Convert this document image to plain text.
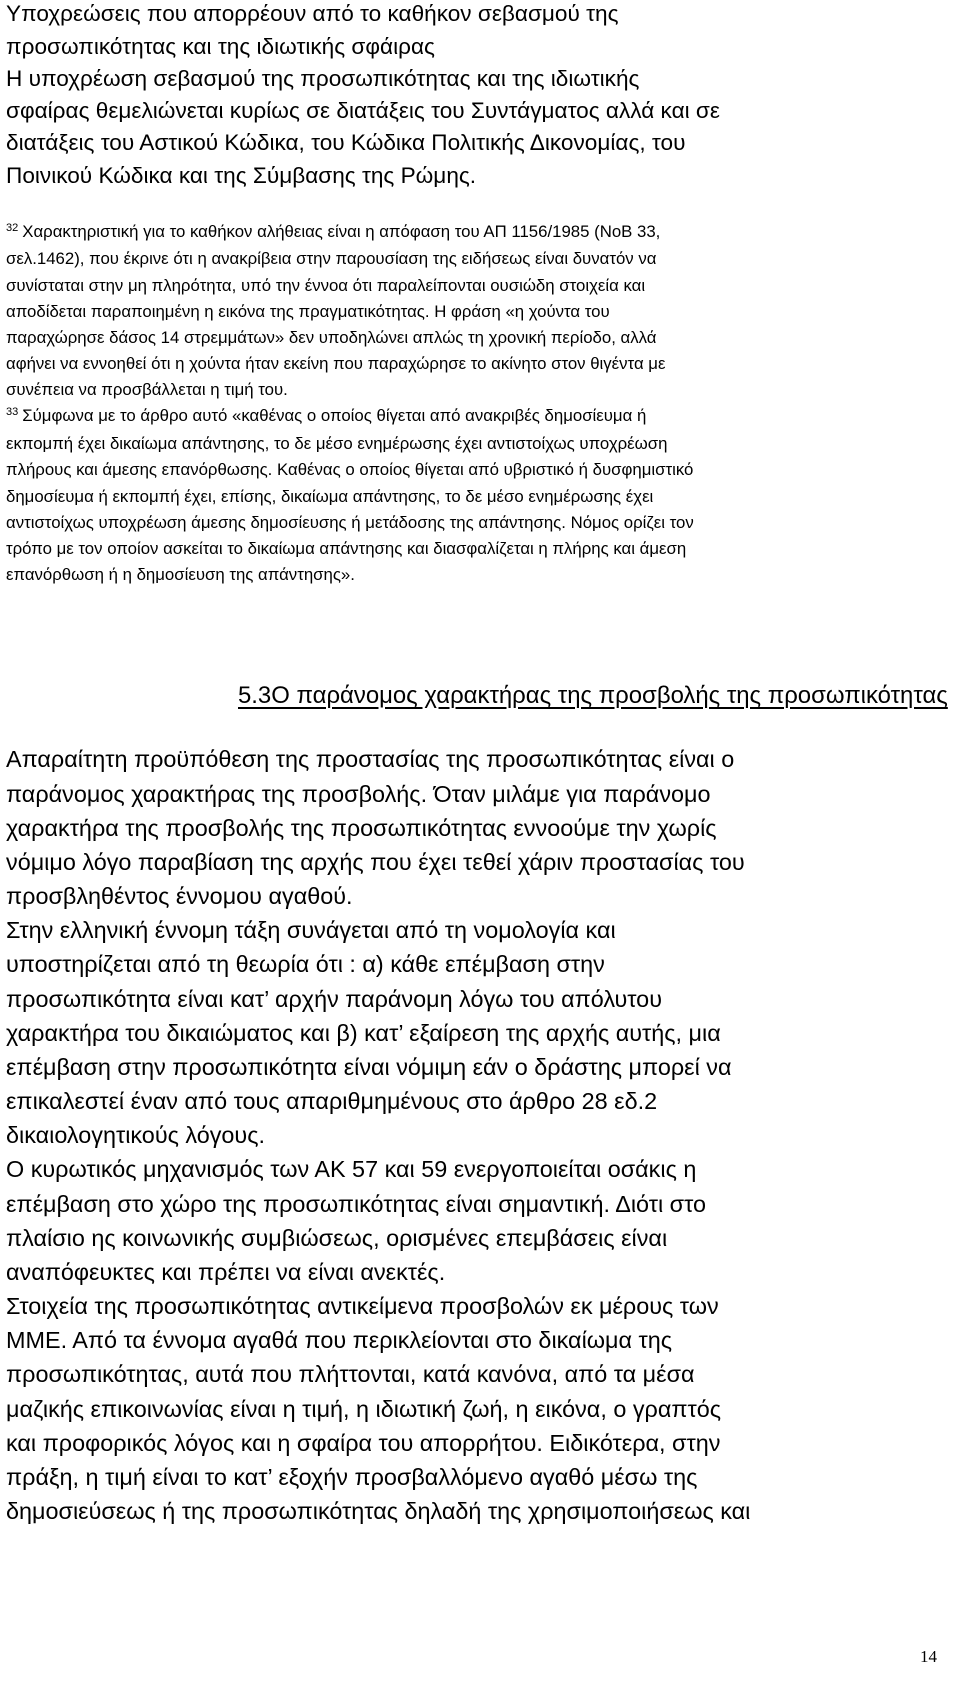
Υποχρεώσεις που απορρέουν από το καθήκον σεβασμού της
προσωπικότητας και της ιδιωτικής σφάιρας
Η υποχρέωση σεβασμού της προσωπικότητας και της ιδιωτικής
σφαίρας θεμελιώνεται κυρίως σε διατάξεις του Συντάγματος αλλά και σε
διατάξεις του Αστικού Κώδικα, του Κώδικα Πολιτικής Δικονομίας, του
Ποινικού Κώδικα και της Σύμβασης της Ρώμης.
$^{32}$ Χαρακτηριστική για το καθήκον αλήθειας είναι η απόφαση του ΑΠ 1156/1985 (ΝοΒ 33,
σελ.1462), που έκρινε ότι η ανακρίβεια στην παρουσίαση της ειδήσεως είναι δυνατόν να
συνίσταται στην μη πληρότητα, υπό την έννοα ότι παραλείπονται ουσιώδη στοιχεία και
αποδίδεται παραποιημένη η εικόνα της πραγματικότητας. Η φράση «η χούντα του
παραχώρησε δάσος 14 στρεμμάτων» δεν υποδηλώνει απλώς τη χρονική περίοδο, αλλά
αφήνει να εννοηθεί ότι η χούντα ήταν εκείνη που παραχώρησε το ακίνητο στον θιγέντα με
συνέπεια να προσβάλλεται η τιμή του.
$^{33}$ Σύμφωνα με το άρθρο αυτό «καθένας ο οποίος θίγεται από ανακριβές δημοσίευμα ή
εκπομπή έχει δικαίωμα απάντησης, το δε μέσο ενημέρωσης έχει αντιστοίχως υποχρέωση
πλήρους και άμεσης επανόρθωσης. Καθένας ο οποίος θίγεται από υβριστικό ή δυσφημιστικό
δημοσίευμα ή εκπομπή έχει, επίσης, δικαίωμα απάντησης, το δε μέσο ενημέρωσης έχει
αντιστοίχως υποχρέωση άμεσης δημοσίευσης ή μετάδοσης της απάντησης. Νόμος ορίζει τον
τρόπο με τον οποίον ασκείται το δικαίωμα απάντησης και διασφαλίζεται η πλήρης και άμεση
επανόρθωση ή η δημοσίευση της απάντησης».
5.3Ο παράνομος χαρακτήρας της προσβολής της προσωπικότητας
Απαραίτητη προϋπόθεση της προστασίας της προσωπικότητας είναι ο
παράνομος χαρακτήρας της προσβολής. Όταν μιλάμε για παράνομο
χαρακτήρα της προσβολής της προσωπικότητας εννοούμε την χωρίς
νόμιμο λόγο παραβίαση της αρχής που έχει τεθεί χάριν προστασίας του
προσβληθέντος έννομου αγαθού.
Στην ελληνική έννομη τάξη συνάγεται από τη νομολογία και
υποστηρίζεται από τη θεωρία ότι : α) κάθε επέμβαση στην
προσωπικότητα είναι κατ’ αρχήν παράνομη λόγω του απόλυτου
χαρακτήρα του δικαιώματος και β) κατ’ εξαίρεση της αρχής αυτής, μια
επέμβαση στην προσωπικότητα είναι νόμιμη εάν ο δράστης μπορεί να
επικαλεστεί έναν από τους απαριθμημένους στο άρθρο 28 εδ.2
δικαιολογητικούς λόγους.
Ο κυρωτικός μηχανισμός των ΑΚ 57 και 59 ενεργοποιείται οσάκις η
επέμβαση στο χώρο της προσωπικότητας είναι σημαντική. Διότι στο
πλαίσιο ης κοινωνικής συμβιώσεως, ορισμένες επεμβάσεις είναι
αναπόφευκτες και πρέπει να είναι ανεκτές.
Στοιχεία της προσωπικότητας αντικείμενα προσβολών εκ μέρους των
ΜΜΕ. Από τα έννομα αγαθά που περικλείονται στο δικαίωμα της
προσωπικότητας, αυτά που πλήττονται, κατά κανόνα, από τα μέσα
μαζικής επικοινωνίας είναι η τιμή, η ιδιωτική ζωή, η εικόνα, ο γραπτός
και προφορικός λόγος και η σφαίρα του απορρήτου. Ειδικότερα, στην
πράξη, η τιμή είναι το κατ’ εξοχήν προσβαλλόμενο αγαθό μέσω της
δημοσιεύσεως ή της προσωπικότητας δηλαδή της χρησιμοποιήσεως και
14
